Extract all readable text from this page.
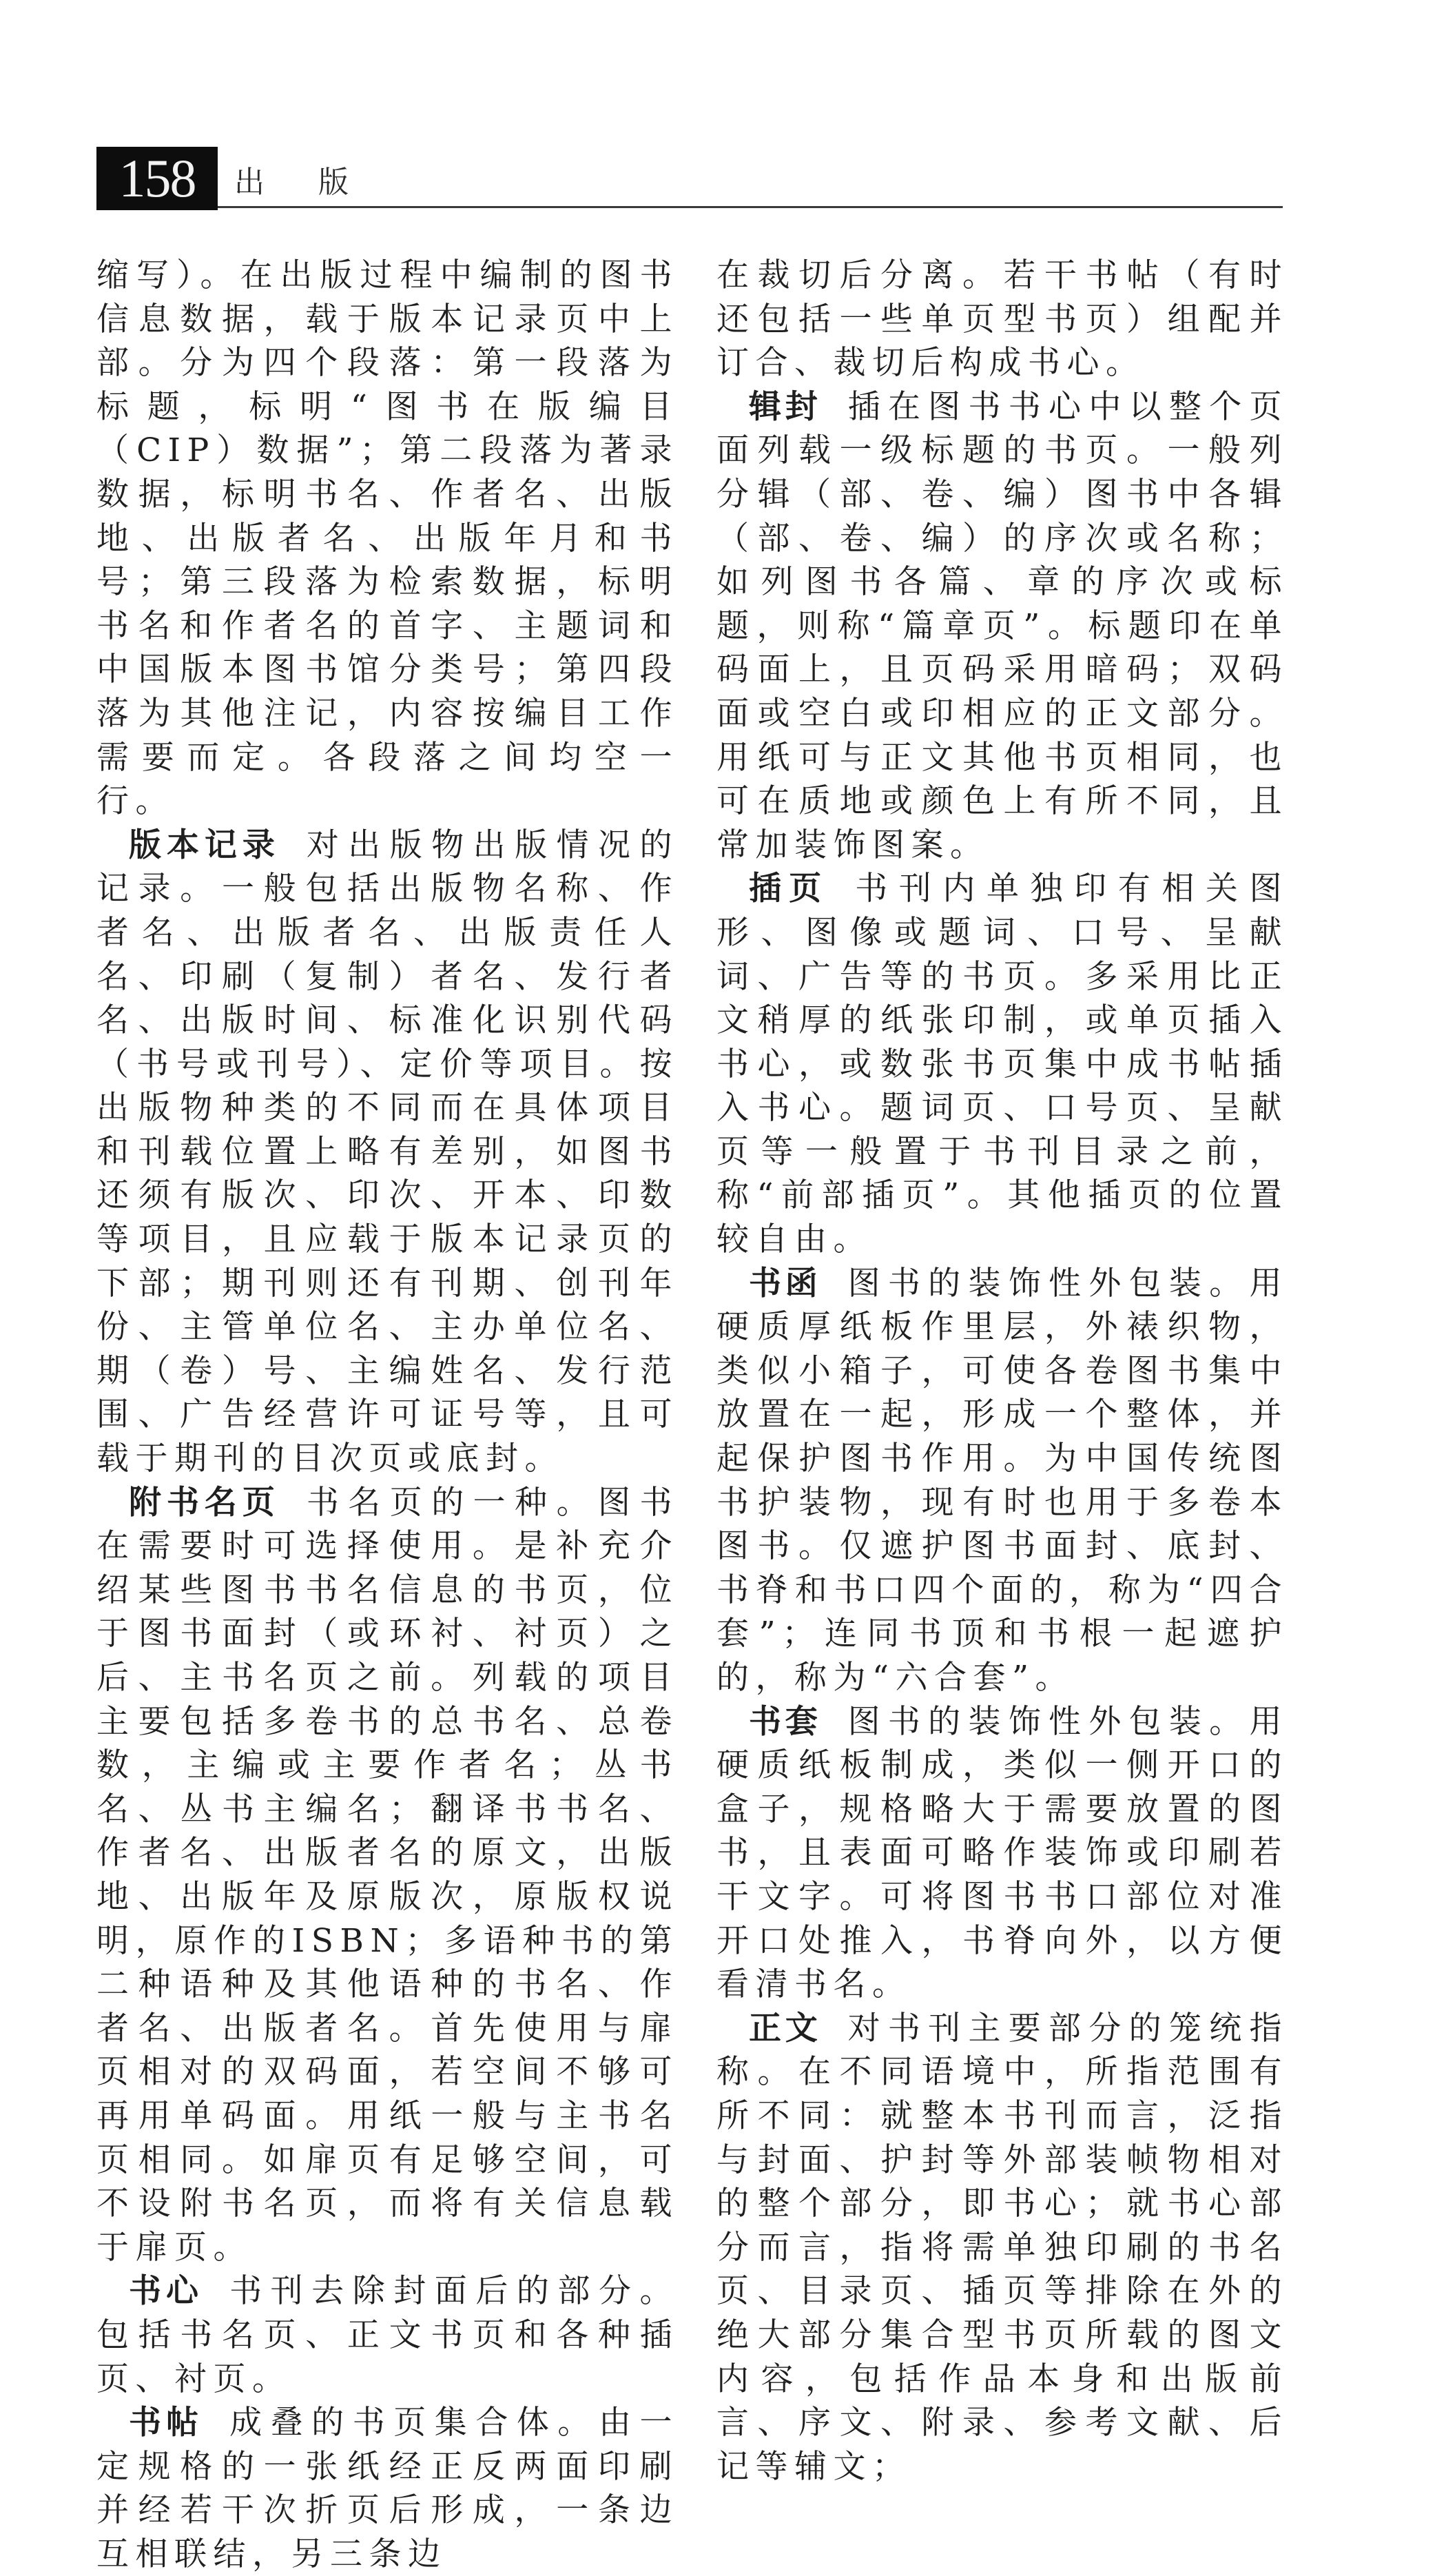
158	出 版

缩写）。在出版过程中编制的图书信息数据，载于版本记录页中上部。分为四个段落：第一段落为标题，标明“图书在版编目（CIP）数据”；第二段落为著录数据，标明书名、作者名、出版地、出版者名、出版年月和书号；第三段落为检索数据，标明书名和作者名的首字、主题词和中国版本图书馆分类号；第四段落为其他注记，内容按编目工作需要而定。各段落之间均空一行。

版本记录 对出版物出版情况的记录。一般包括出版物名称、作者名、出版者名、出版责任人名、印刷（复制）者名、发行者名、出版时间、标准化识别代码（书号或刊号）、定价等项目。按出版物种类的不同而在具体项目和刊载位置上略有差别，如图书还须有版次、印次、开本、印数等项目，且应载于版本记录页的下部；期刊则还有刊期、创刊年份、主管单位名、主办单位名、期（卷）号、主编姓名、发行范围、广告经营许可证号等，且可载于期刊的目次页或底封。

附书名页 书名页的一种。图书在需要时可选择使用。是补充介绍某些图书书名信息的书页，位于图书面封（或环衬、衬页）之后、主书名页之前。列载的项目主要包括多卷书的总书名、总卷数，主编或主要作者名；丛书名、丛书主编名；翻译书书名、作者名、出版者名的原文，出版地、出版年及原版次，原版权说明，原作的ISBN；多语种书的第二种语种及其他语种的书名、作者名、出版者名。首先使用与扉页相对的双码面，若空间不够可再用单码面。用纸一般与主书名页相同。如扉页有足够空间，可不设附书名页，而将有关信息载于扉页。

书心 书刊去除封面后的部分。包括书名页、正文书页和各种插页、衬页。

书帖 成叠的书页集合体。由一定规格的一张纸经正反两面印刷并经若干次折页后形成，一条边互相联结，另三条边

在裁切后分离。若干书帖（有时还包括一些单页型书页）组配并订合、裁切后构成书心。

辑封 插在图书书心中以整个页面列载一级标题的书页。一般列分辑（部、卷、编）图书中各辑（部、卷、编）的序次或名称；如列图书各篇、章的序次或标题，则称“篇章页”。标题印在单码面上，且页码采用暗码；双码面或空白或印相应的正文部分。用纸可与正文其他书页相同，也可在质地或颜色上有所不同，且常加装饰图案。

插页 书刊内单独印有相关图形、图像或题词、口号、呈献词、广告等的书页。多采用比正文稍厚的纸张印制，或单页插入书心，或数张书页集中成书帖插入书心。题词页、口号页、呈献页等一般置于书刊目录之前，称“前部插页”。其他插页的位置较自由。

书函 图书的装饰性外包装。用硬质厚纸板作里层，外裱织物，类似小箱子，可使各卷图书集中放置在一起，形成一个整体，并起保护图书作用。为中国传统图书护装物，现有时也用于多卷本图书。仅遮护图书面封、底封、书脊和书口四个面的，称为“四合套”；连同书顶和书根一起遮护的，称为“六合套”。

书套 图书的装饰性外包装。用硬质纸板制成，类似一侧开口的盒子，规格略大于需要放置的图书，且表面可略作装饰或印刷若干文字。可将图书书口部位对准开口处推入，书脊向外，以方便看清书名。

正文 对书刊主要部分的笼统指称。在不同语境中，所指范围有所不同：就整本书刊而言，泛指与封面、护封等外部装帧物相对的整个部分，即书心；就书心部分而言，指将需单独印刷的书名页、目录页、插页等排除在外的绝大部分集合型书页所载的图文内容，包括作品本身和出版前言、序文、附录、参考文献、后记等辅文；
